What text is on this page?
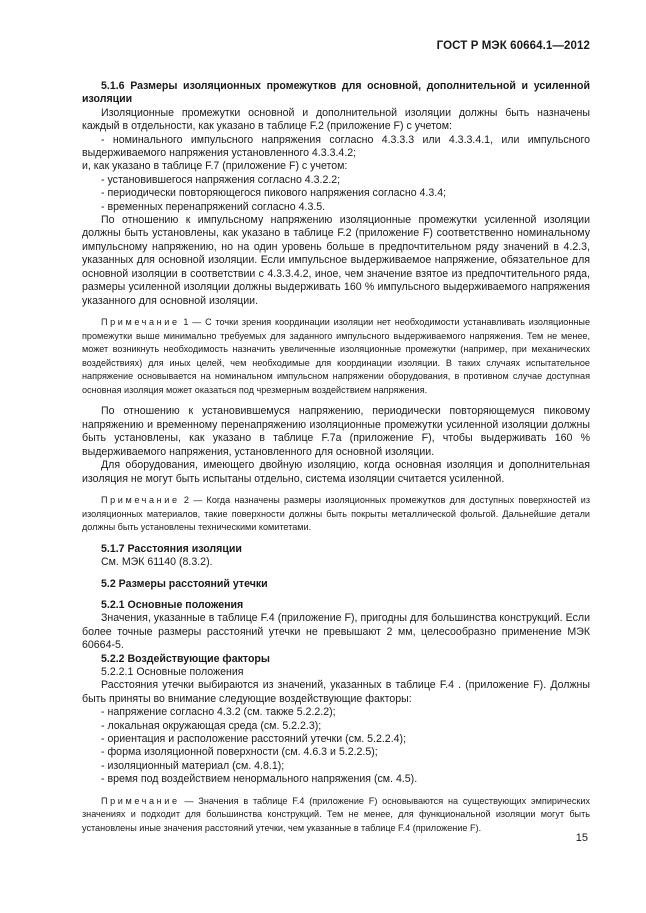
ГОСТ Р МЭК 60664.1—2012

5.1.6 Размеры изоляционных промежутков для основной, дополнительной и усиленной изоляции

Изоляционные промежутки основной и дополнительной изоляции должны быть назначены каждый в отдельности, как указано в таблице F.2 (приложение F) с учетом:

- номинального импульсного напряжения согласно 4.3.3.3 или 4.3.3.4.1, или импульсного выдерживаемого напряжения установленного 4.3.3.4.2;

и, как указано в таблице F.7 (приложение F) с учетом:

- установившегося напряжения согласно 4.3.2.2;

- периодически повторяющегося пикового напряжения согласно 4.3.4;

- временных перенапряжений согласно 4.3.5.

По отношению к импульсному напряжению изоляционные промежутки усиленной изоляции должны быть установлены, как указано в таблице F.2 (приложение F) соответственно номинальному импульсному напряжению, но на один уровень больше в предпочтительном ряду значений в 4.2.3, указанных для основной изоляции. Если импульсное выдерживаемое напряжение, обязательное для основной изоляции в соответствии с 4.3.3.4.2, иное, чем значение взятое из предпочтительного ряда, размеры усиленной изоляции должны выдерживать 160 % импульсного выдерживаемого напряжения указанного для основной изоляции.

Примечание 1 — С точки зрения координации изоляции нет необходимости устанавливать изоляционные промежутки выше минимально требуемых для заданного импульсного выдерживаемого напряжения. Тем не менее, может возникнуть необходимость назначить увеличенные изоляционные промежутки (например, при механических воздействиях) для иных целей, чем необходимые для координации изоляции. В таких случаях испытательное напряжение основывается на номинальном импульсном напряжении оборудования, в противном случае доступная основная изоляция может оказаться под чрезмерным воздействием напряжения.

По отношению к установившемуся напряжению, периодически повторяющемуся пиковому напряжению и временному перенапряжению изоляционные промежутки усиленной изоляции должны быть установлены, как указано в таблице F.7а (приложение F), чтобы выдерживать 160 % выдерживаемого напряжения, установленного для основной изоляции.

Для оборудования, имеющего двойную изоляцию, когда основная изоляция и дополнительная изоляция не могут быть испытаны отдельно, система изоляции считается усиленной.

Примечание 2 — Когда назначены размеры изоляционных промежутков для доступных поверхностей из изоляционных материалов, такие поверхности должны быть покрыты металлической фольгой. Дальнейшие детали должны быть установлены техническими комитетами.

5.1.7 Расстояния изоляции

См. МЭК 61140 (8.3.2).

5.2 Размеры расстояний утечки

5.2.1 Основные положения

Значения, указанные в таблице F.4 (приложение F), пригодны для большинства конструкций. Если более точные размеры расстояний утечки не превышают 2 мм, целесообразно применение МЭК 60664-5.

5.2.2 Воздействующие факторы

5.2.2.1 Основные положения

Расстояния утечки выбираются из значений, указанных в таблице F.4 . (приложение F). Должны быть приняты во внимание следующие воздействующие факторы:

- напряжение согласно 4.3.2 (см. также 5.2.2.2);

- локальная окружающая среда (см. 5.2.2.3);

- ориентация и расположение расстояний утечки (см. 5.2.2.4);

- форма изоляционной поверхности (см. 4.6.3 и 5.2.2.5);

- изоляционный материал (см. 4.8.1);

- время под воздействием ненормального напряжения (см. 4.5).

Примечание — Значения в таблице F.4 (приложение F) основываются на существующих эмпирических значениях и подходит для большинства конструкций. Тем не менее, для функциональной изоляции могут быть установлены иные значения расстояний утечки, чем указанные в таблице F.4 (приложение F).

15
